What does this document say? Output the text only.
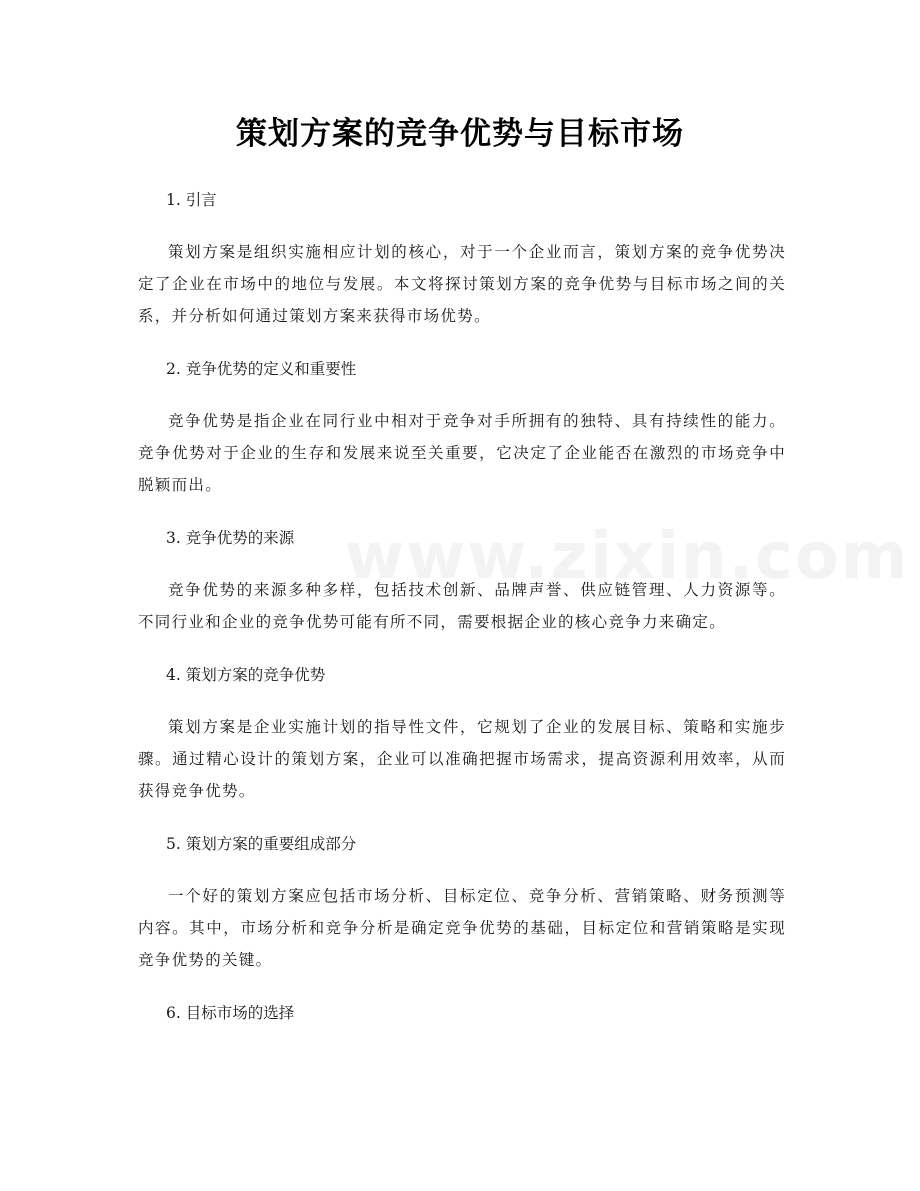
策划方案的竞争优势与目标市场
1. 引言

策划方案是组织实施相应计划的核心，对于一个企业而言，策划方案的竞争优势决定了企业在市场中的地位与发展。本文将探讨策划方案的竞争优势与目标市场之间的关系，并分析如何通过策划方案来获得市场优势。

2. 竞争优势的定义和重要性

竞争优势是指企业在同行业中相对于竞争对手所拥有的独特、具有持续性的能力。竞争优势对于企业的生存和发展来说至关重要，它决定了企业能否在激烈的市场竞争中脱颖而出。

3. 竞争优势的来源

竞争优势的来源多种多样，包括技术创新、品牌声誉、供应链管理、人力资源等。不同行业和企业的竞争优势可能有所不同，需要根据企业的核心竞争力来确定。

4. 策划方案的竞争优势

策划方案是企业实施计划的指导性文件，它规划了企业的发展目标、策略和实施步骤。通过精心设计的策划方案，企业可以准确把握市场需求，提高资源利用效率，从而获得竞争优势。

5. 策划方案的重要组成部分

一个好的策划方案应包括市场分析、目标定位、竞争分析、营销策略、财务预测等内容。其中，市场分析和竞争分析是确定竞争优势的基础，目标定位和营销策略是实现竞争优势的关键。

6. 目标市场的选择
